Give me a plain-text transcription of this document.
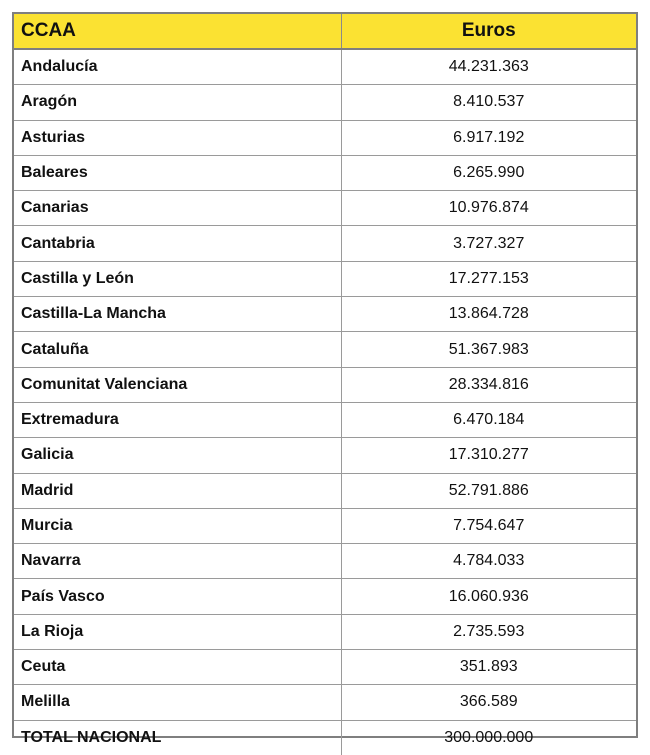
CCAA	Euros
Andalucía	44.231.363
Aragón	8.410.537
Asturias	6.917.192
Baleares	6.265.990
Canarias	10.976.874
Cantabria	3.727.327
Castilla y León	17.277.153
Castilla-La Mancha	13.864.728
Cataluña	51.367.983
Comunitat Valenciana	28.334.816
Extremadura	6.470.184
Galicia	17.310.277
Madrid	52.791.886
Murcia	7.754.647
Navarra	4.784.033
País Vasco	16.060.936
La Rioja	2.735.593
Ceuta	351.893
Melilla	366.589
TOTAL NACIONAL	300.000.000
